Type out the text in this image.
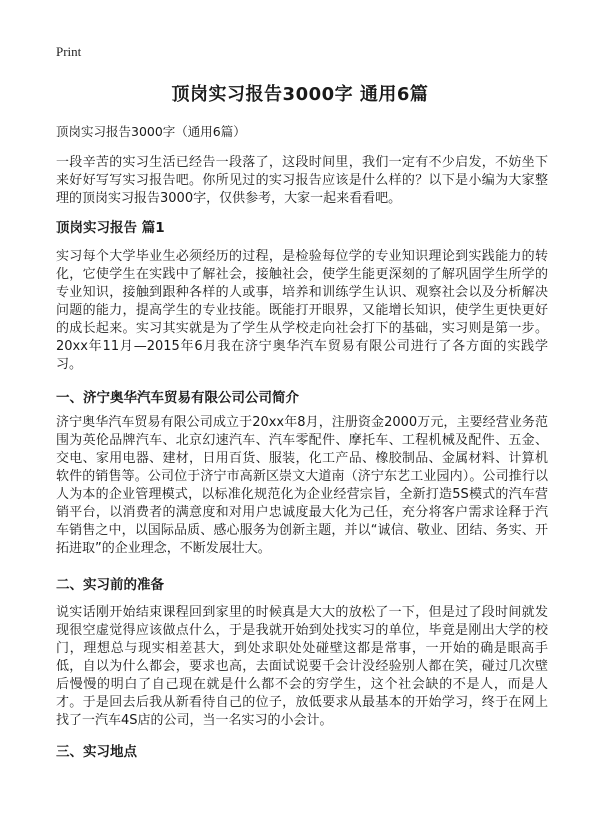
Print
顶岗实习报告3000字 通用6篇
顶岗实习报告3000字（通用6篇）

一段辛苦的实习生活已经告一段落了，这段时间里，我们一定有不少启发，不妨坐下来好好写写实习报告吧。你所见过的实习报告应该是什么样的？以下是小编为大家整理的顶岗实习报告3000字，仅供参考，大家一起来看看吧。

顶岗实习报告 篇1

实习每个大学毕业生必须经历的过程，是检验每位学的专业知识理论到实践能力的转化，它使学生在实践中了解社会，接触社会，使学生能更深刻的了解巩固学生所学的专业知识，接触到跟种各样的人或事，培养和训练学生认识、观察社会以及分析解决问题的能力，提高学生的专业技能。既能打开眼界，又能增长知识，使学生更快更好的成长起来。实习其实就是为了学生从学校走向社会打下的基础，实习则是第一步。20xx年11月—2015年6月我在济宁奥华汽车贸易有限公司进行了各方面的实践学习。

一、济宁奥华汽车贸易有限公司公司简介

济宁奥华汽车贸易有限公司成立于20xx年8月，注册资金2000万元，主要经营业务范围为英伦品牌汽车、北京幻速汽车、汽车零配件、摩托车、工程机械及配件、五金、交电、家用电器、建材，日用百货、服装，化工产品、橡胶制品、金属材料、计算机软件的销售等。公司位于济宁市高新区崇文大道南（济宁东艺工业园内）。公司推行以人为本的企业管理模式，以标准化规范化为企业经营宗旨，全新打造5S模式的汽车营销平台，以消费者的满意度和对用户忠诚度最大化为己任，充分将客户需求诠释于汽车销售之中，以国际品质、感心服务为创新主题，并以“诚信、敬业、团结、务实、开拓进取”的企业理念，不断发展壮大。

二、实习前的准备

说实话刚开始结束课程回到家里的时候真是大大的放松了一下，但是过了段时间就发现很空虚觉得应该做点什么，于是我就开始到处找实习的单位，毕竟是刚出大学的校门，理想总与现实相差甚大，到处求职处处碰壁这都是常事，一开始的确是眼高手低，自以为什么都会，要求也高，去面试说要千会计没经验别人都在笑，碰过几次壁后慢慢的明白了自己现在就是什么都不会的穷学生，这个社会缺的不是人，而是人才。于是回去后我从新看待自己的位子，放低要求从最基本的开始学习，终于在网上找了一汽车4S店的公司，当一名实习的小会计。

三、实习地点
